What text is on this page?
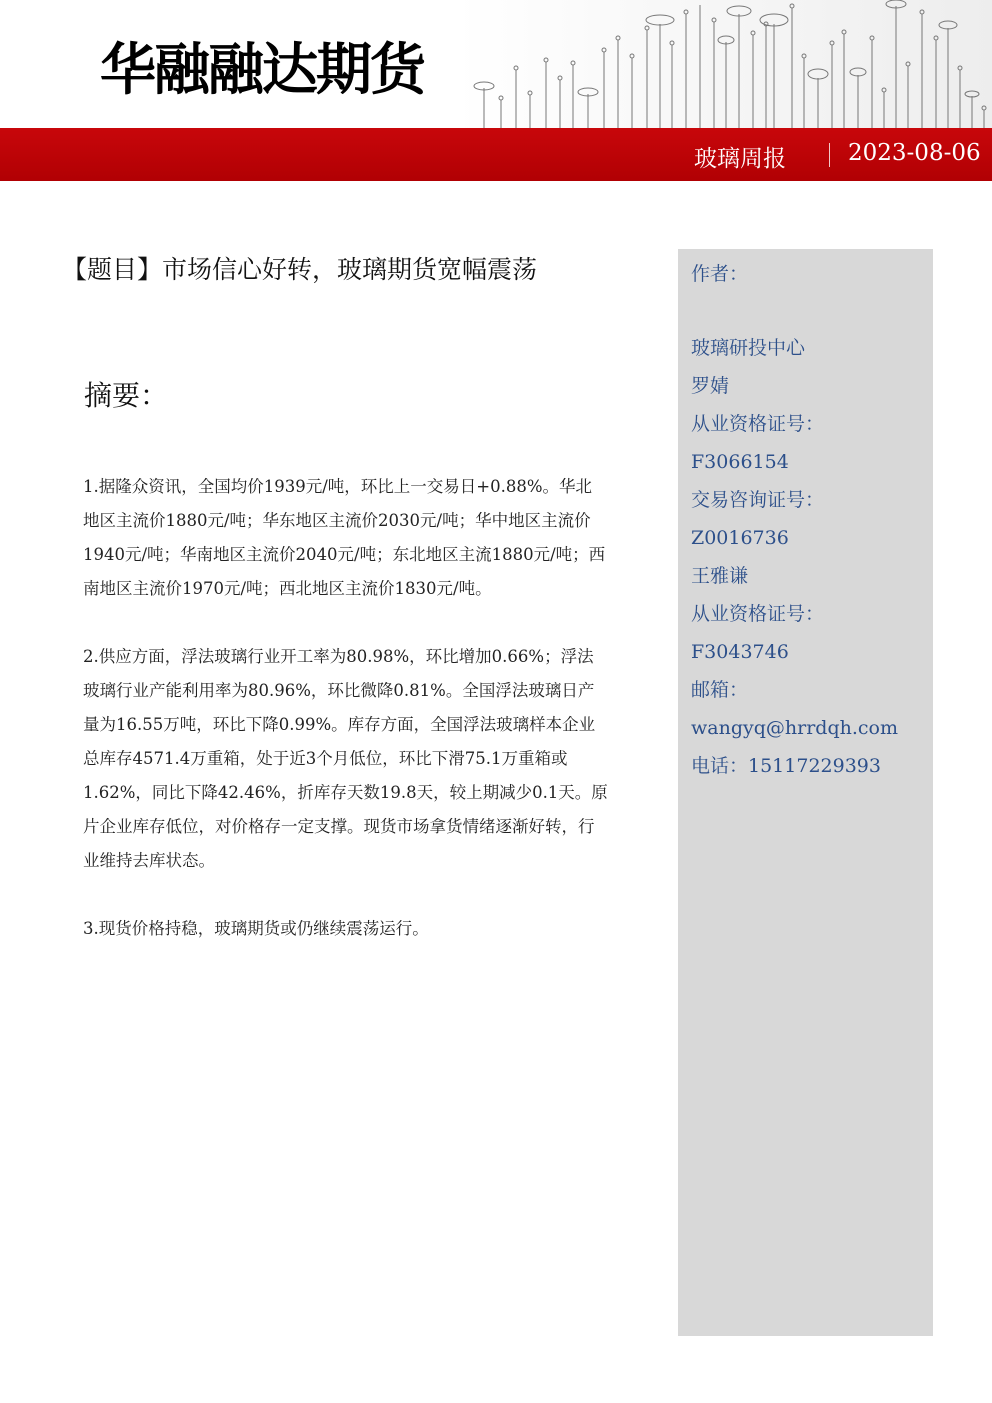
华融融达期货
玻璃周报	2023-08-06
【题目】市场信心好转，玻璃期货宽幅震荡
摘要：

1.据隆众资讯，全国均价1939元/吨，环比上一交易日+0.88%。华北地区主流价1880元/吨；华东地区主流价2030元/吨；华中地区主流价1940元/吨；华南地区主流价2040元/吨；东北地区主流1880元/吨；西南地区主流价1970元/吨；西北地区主流价1830元/吨。

2.供应方面，浮法玻璃行业开工率为80.98%，环比增加0.66%；浮法玻璃行业产能利用率为80.96%，环比微降0.81%。全国浮法玻璃日产量为16.55万吨，环比下降0.99%。库存方面，全国浮法玻璃样本企业总库存4571.4万重箱，处于近3个月低位，环比下滑75.1万重箱或1.62%，同比下降42.46%，折库存天数19.8天，较上期减少0.1天。原片企业库存低位，对价格存一定支撑。现货市场拿货情绪逐渐好转，行业维持去库状态。

3.现货价格持稳，玻璃期货或仍继续震荡运行。

作者：
玻璃研投中心
罗婧
从业资格证号：
F3066154
交易咨询证号：
Z0016736
王雅谦
从业资格证号：
F3043746
邮箱：
wangyq@hrrdqh.com
电话：15117229393
